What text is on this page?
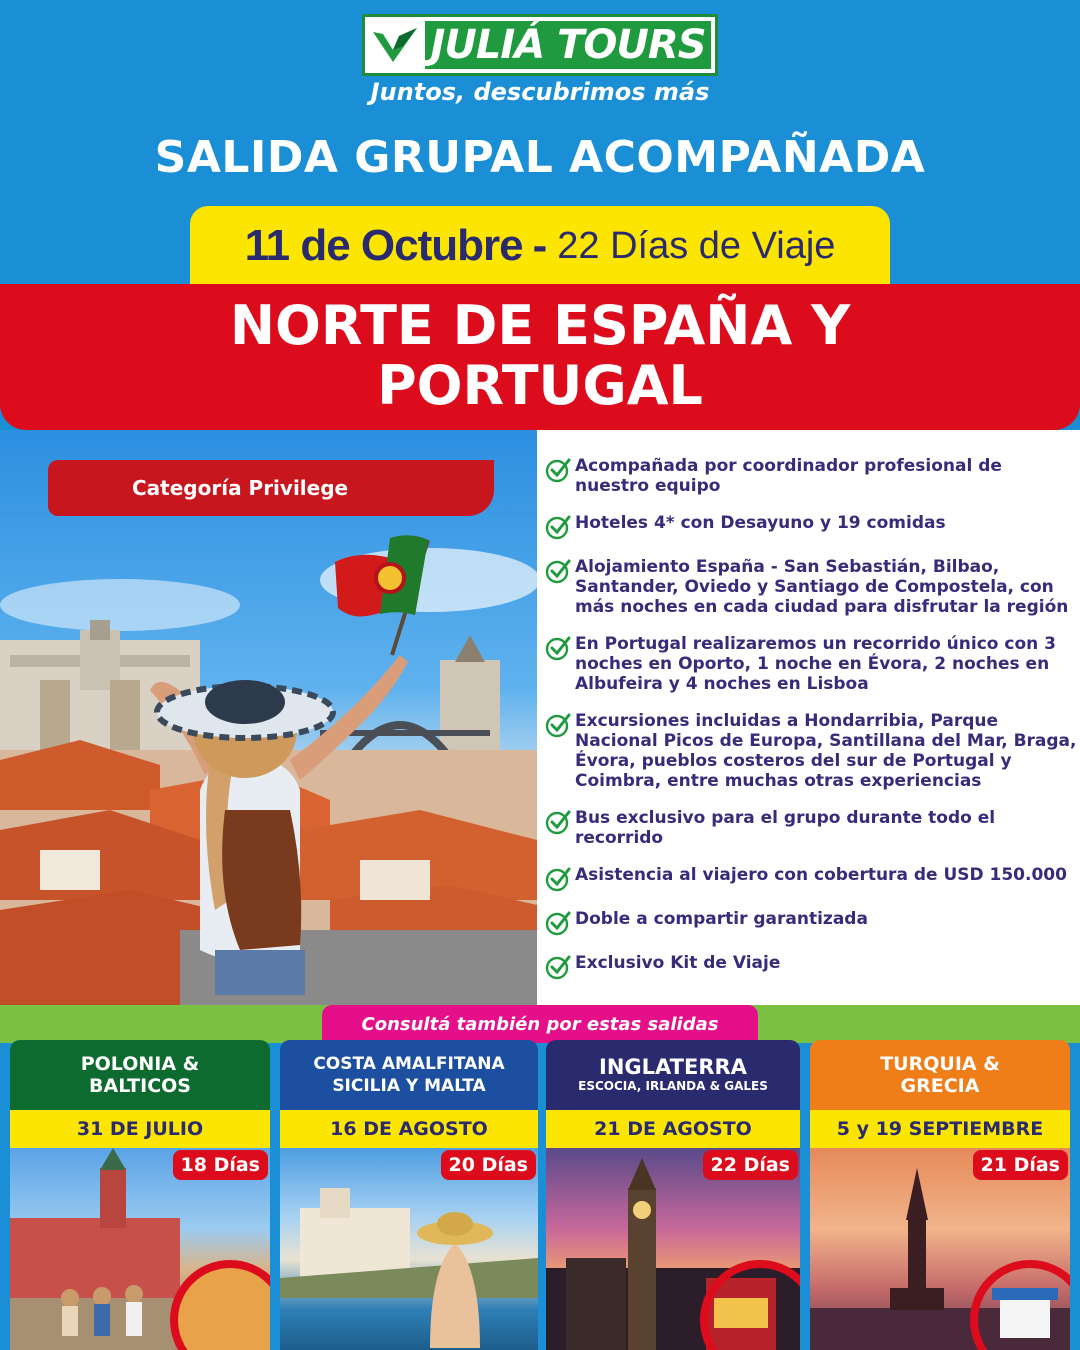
JULIÁ TOURS
Juntos, descubrimos más
SALIDA GRUPAL ACOMPAÑADA
11 de Octubre - 22 Días de Viaje
NORTE DE ESPAÑA Y
PORTUGAL
Categoría Privilege
Acompañada por coordinador profesional de nuestro equipo
Hoteles 4* con Desayuno y 19 comidas
Alojamiento España - San Sebastián, Bilbao, Santander, Oviedo y Santiago de Compostela, con más noches en cada ciudad para disfrutar la región
En Portugal realizaremos un recorrido único con 3 noches en Oporto, 1 noche en Évora, 2 noches en Albufeira y 4 noches en Lisboa
Excursiones incluidas a Hondarribia, Parque Nacional Picos de Europa, Santillana del Mar, Braga, Évora, pueblos costeros del sur de Portugal y Coimbra, entre muchas otras experiencias
Bus exclusivo para el grupo durante todo el recorrido
Asistencia al viajero con cobertura de USD 150.000
Doble a compartir garantizada
Exclusivo Kit de Viaje
Consultá también por estas salidas
POLONIA & BALTICOS
31 DE JULIO
18 Días
COSTA AMALFITANA SICILIA Y MALTA
16 DE AGOSTO
20 Días
INGLATERRA
ESCOCIA, IRLANDA & GALES
21 DE AGOSTO
22 Días
TURQUIA & GRECIA
5 y 19 SEPTIEMBRE
21 Días
